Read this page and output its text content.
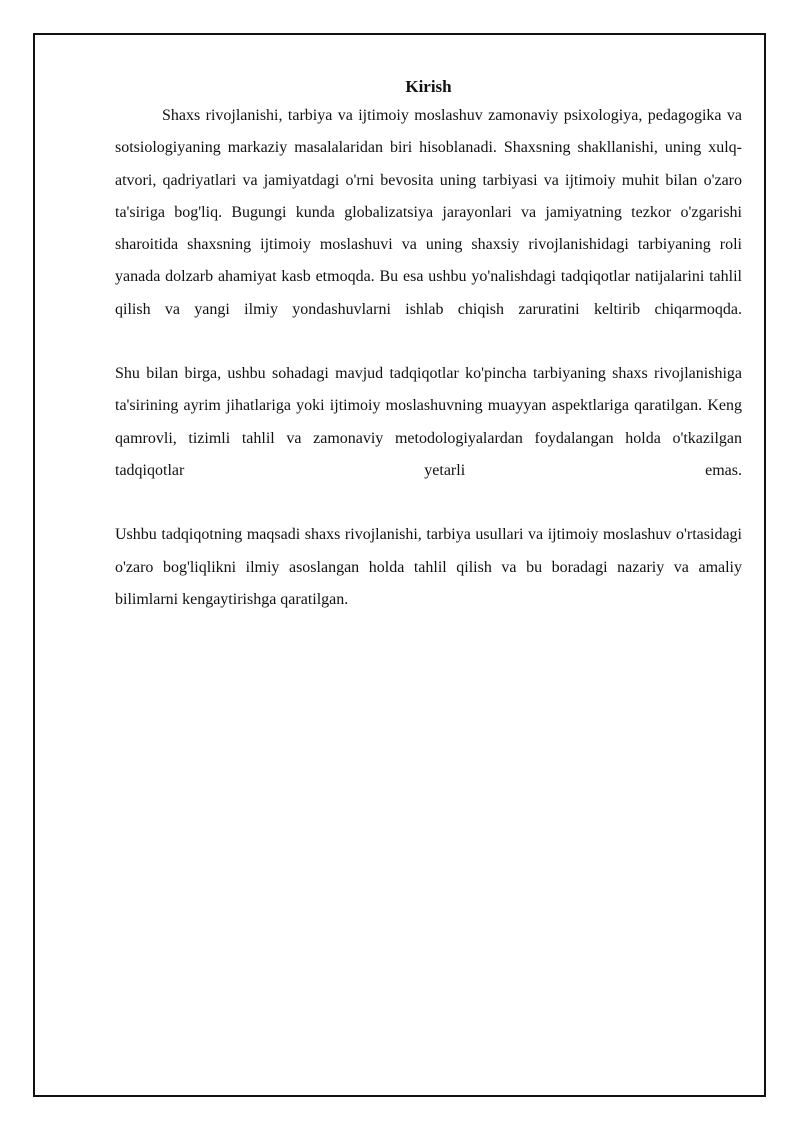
Kirish

Shaxs rivojlanishi, tarbiya va ijtimoiy moslashuv zamonaviy psixologiya, pedagogika va sotsiologiyaning markaziy masalalaridan biri hisoblanadi. Shaxsning shakllanishi, uning xulq-atvori, qadriyatlari va jamiyatdagi o'rni bevosita uning tarbiyasi va ijtimoiy muhit bilan o'zaro ta'siriga bog'liq. Bugungi kunda globalizatsiya jarayonlari va jamiyatning tezkor o'zgarishi sharoitida shaxsning ijtimoiy moslashuvi va uning shaxsiy rivojlanishidagi tarbiyaning roli yanada dolzarb ahamiyat kasb etmoqda. Bu esa ushbu yo'nalishdagi tadqiqotlar natijalarini tahlil qilish va yangi ilmiy yondashuvlarni ishlab chiqish zaruratini keltirib chiqarmoqda.

Shu bilan birga, ushbu sohadagi mavjud tadqiqotlar ko'pincha tarbiyaning shaxs rivojlanishiga ta'sirining ayrim jihatlariga yoki ijtimoiy moslashuvning muayyan aspektlariga qaratilgan. Keng qamrovli, tizimli tahlil va zamonaviy metodologiyalardan foydalangan holda o'tkazilgan tadqiqotlar yetarli emas.

Ushbu tadqiqotning maqsadi shaxs rivojlanishi, tarbiya usullari va ijtimoiy moslashuv o'rtasidagi o'zaro bog'liqlikni ilmiy asoslangan holda tahlil qilish va bu boradagi nazariy va amaliy bilimlarni kengaytirishga qaratilgan.
